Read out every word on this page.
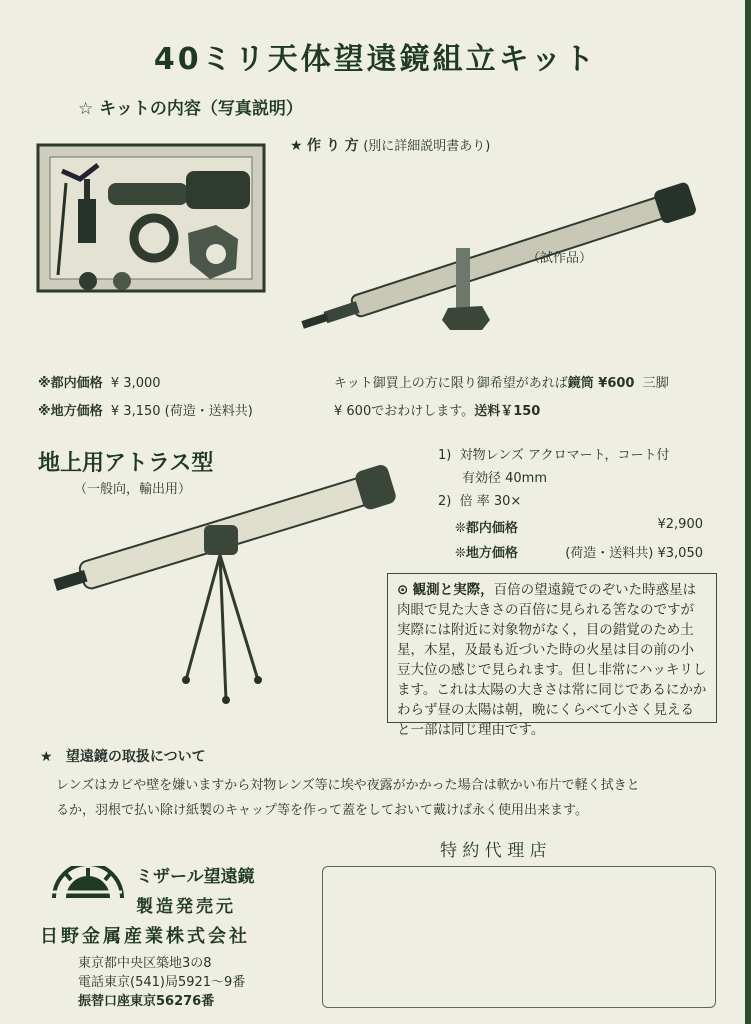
40ミリ天体望遠鏡組立キット
☆ キットの内容（写真説明）
★ 作 り 方 (別に詳細説明書あり)
（試作品）
※都内価格 ¥ 3,000
※地方価格 ¥ 3,150 (荷造・送料共)
キット御買上の方に限り御希望があれば鏡筒 ¥600 三脚
¥ 600でおわけします。送料￥150
地上用アトラス型
（一般向，輸出用）
1) 対物レンズ アクロマート，コート付
有効径 40mm
2) 倍 率 30×
❊都内価格	¥2,900
❊地方価格	(荷造・送料共) ¥3,050
⊙ 観測と実際，百倍の望遠鏡でのぞいた時惑星は肉眼で見た大きさの百倍に見られる筈なのですが実際には附近に対象物がなく，目の錯覚のため土星，木星，及最も近づいた時の火星は目の前の小豆大位の感じで見られます。但し非常にハッキリします。これは太陽の大きさは常に同じであるにかかわらず昼の太陽は朝，晩にくらべて小さく見えると一部は同じ理由です。
★ 望遠鏡の取扱について
レンズはカビや壁を嫌いますから対物レンズ等に埃や夜露がかかった場合は軟かい布片で軽く拭きと
るか，羽根で払い除け紙製のキャップ等を作って蓋をしておいて戴けば永く使用出来ます。
特 約 代 理 店
ミザール望遠鏡
製造発売元
日野金属産業株式会社
東京都中央区築地3の8
電話東京(541)局5921〜9番
振替口座東京56276番
